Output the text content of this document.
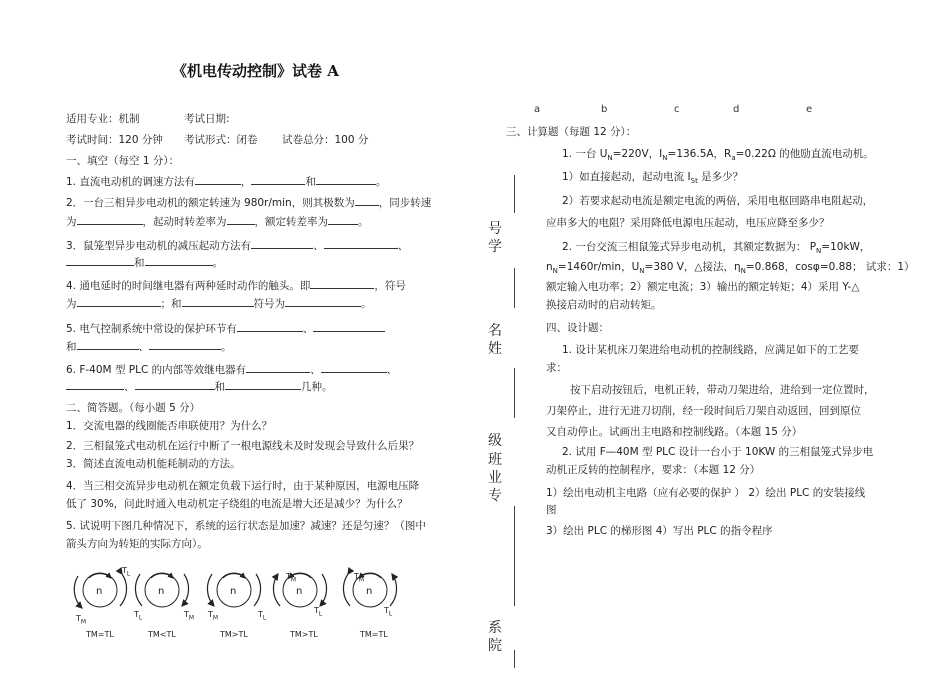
《机电传动控制》试卷 A
适用专业：机制	考试日期:
考试时间：120 分钟 考试形式：闭卷 试卷总分：100 分
一、填空（每空 1 分）：
1. 直流电动机的调速方法有	，	和	。
2．一台三相异步电动机的额定转速为 980r/min，则其极数为 ，同步转速
为	，起动时转差率为	，额定转差率为	。
3．鼠笼型异步电动机的减压起动方法有	、	、
和	。
4. 通电延时的时间继电器有两种延时动作的触头。即	，符号
为	；和	符号为	。
5. 电气控制系统中常设的保护环节有	、
和	、	。
6. F-40M 型 PLC 的内部等效继电器有	、	、
、	和	几种。
二、简答题。（每小题 5 分）
1．交流电器的线圈能否串联使用？为什么？
2．三相鼠笼式电动机在运行中断了一根电源线未及时发现会导致什么后果？
3．简述直流电动机能耗制动的方法。
4．当三相交流异步电动机在额定负载下运行时，由于某种原因，电源电压降
低了 30%，问此时通入电动机定子绕组的电流是增大还是减少？为什么？
5. 试说明下图几种情况下，系统的运行状态是加速？减速？还是匀速？（图中
箭头方向为转矩的实际方向）。
a	b	c	d	e
n	n	n	n	n
$T_L$
$T_M$
$T_L$	$T_M$ $T_M$	$T_L$
$T_M$
$T_L$
$T_M$
$T_L$
TM=TL	TM<TL	TM>TL	TM>TL	TM=TL
号
学
名
姓
级
班
业
专
系
院
三、计算题（每题 12 分）：
1. 一台 $U_N=220V$，$I_N=136.5A$，$R_a=0.22\Omega$ 的他励直流电动机。
1）如直接起动，起动电流 $I_{St}$ 是多少？
2）若要求起动电流是额定电流的两倍，采用电枢回路串电阻起动，
应串多大的电阻？采用降低电源电压起动，电压应降至多少？
2. 一台交流三相鼠笼式异步电动机，其额定数据为： $P_N=10kW$，
$n_N=1460r/\min$，$U_N=380$ V，△接法，$\eta_N=0.868$，cosφ=0.88； 试求：1）
额定输入电功率；2）额定电流；3）输出的额定转矩；4）采用 Y-△
换接启动时的启动转矩。
四、设计题：
1. 设计某机床刀架进给电动机的控制线路，应满足如下的工艺要
求：
按下启动按钮后，电机正转，带动刀架进给，进给到一定位置时，
刀架停止，进行无进刀切削，经一段时间后刀架自动返回，回到原位
又自动停止。试画出主电路和控制线路。（本题 15 分）
2. 试用 F—40M 型 PLC 设计一台小于 10KW 的三相鼠笼式异步电
动机正反转的控制程序，要求：（本题 12 分）
1）绘出电动机主电路（应有必要的保护 ） 2）绘出 PLC 的安装接线
图
3）绘出 PLC 的梯形图 4）写出 PLC 的指令程序
